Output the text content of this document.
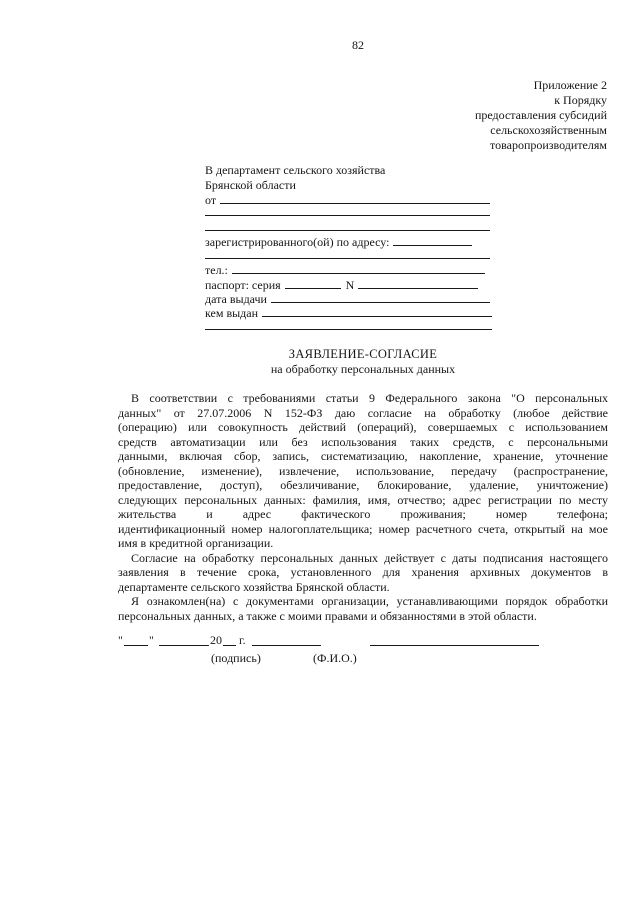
82
Приложение 2
к Порядку
предоставления субсидий
сельскохозяйственным
товаропроизводителям
В департамент сельского хозяйства
Брянской области
от
зарегистрированного(ой) по адресу:
тел.:
паспорт: серия	N
дата выдачи
кем выдан
ЗАЯВЛЕНИЕ-СОГЛАСИЕ
на обработку персональных данных
В соответствии с требованиями статьи 9 Федерального закона "О персональных
данных" от 27.07.2006 N 152-ФЗ даю согласие на обработку (любое действие
(операцию) или совокупность действий (операций), совершаемых с использованием
средств автоматизации или без использования таких средств, с персональными
данными, включая сбор, запись, систематизацию, накопление, хранение, уточнение
(обновление, изменение), извлечение, использование, передачу (распространение,
предоставление, доступ), обезличивание, блокирование, удаление, уничтожение)
следующих персональных данных: фамилия, имя, отчество; адрес регистрации по месту
жительства и адрес фактического проживания; номер телефона;
идентификационный номер налогоплательщика; номер расчетного счета, открытый на мое
имя в кредитной организации.
Согласие на обработку персональных данных действует с даты подписания настоящего
заявления в течение срока, установленного для хранения архивных документов в
департаменте сельского хозяйства Брянской области.
Я ознакомлен(на) с документами организации, устанавливающими порядок обработки
персональных данных, а также с моими правами и обязанностями в этой области.
" "	20 г.
(подпись)	(Ф.И.О.)
